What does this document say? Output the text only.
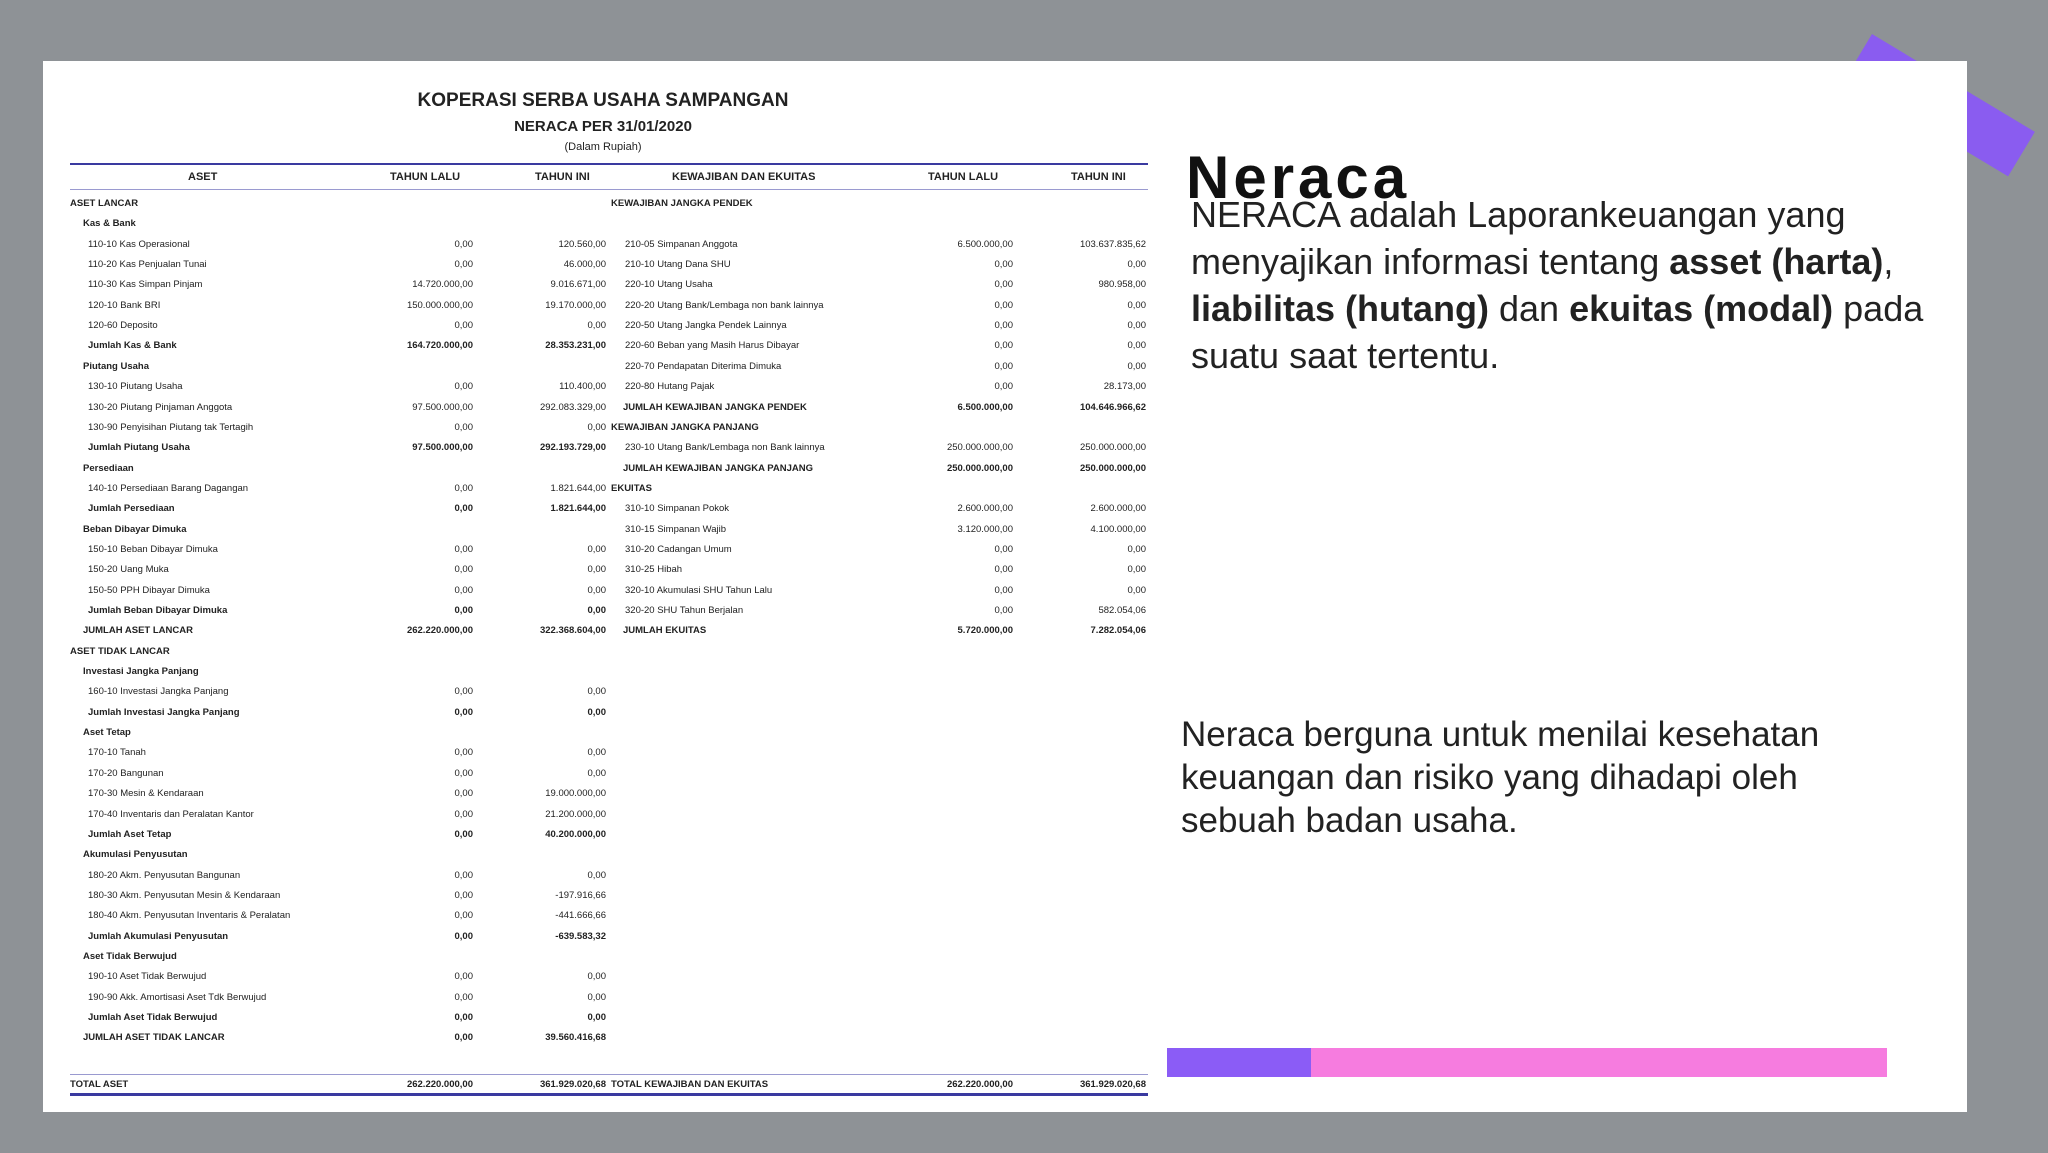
KOPERASI SERBA USAHA SAMPANGAN
NERACA PER 31/01/2020
(Dalam Rupiah)
ASET	TAHUN LALU	TAHUN INI	KEWAJIBAN DAN EKUITAS	TAHUN LALU	TAHUN INI
ASET LANCAR
Kas & Bank
110-10 Kas Operasional	0,00	120.560,00
110-20 Kas Penjualan Tunai	0,00	46.000,00
110-30 Kas Simpan Pinjam	14.720.000,00	9.016.671,00
120-10 Bank BRI	150.000.000,00	19.170.000,00
120-60 Deposito	0,00	0,00
Jumlah Kas & Bank	164.720.000,00	28.353.231,00
Piutang Usaha
130-10 Piutang Usaha	0,00	110.400,00
130-20 Piutang Pinjaman Anggota	97.500.000,00	292.083.329,00
130-90 Penyisihan Piutang tak Tertagih	0,00	0,00
Jumlah Piutang Usaha	97.500.000,00	292.193.729,00
Persediaan
140-10 Persediaan Barang Dagangan	0,00	1.821.644,00
Jumlah Persediaan	0,00	1.821.644,00
Beban Dibayar Dimuka
150-10 Beban Dibayar Dimuka	0,00	0,00
150-20 Uang Muka	0,00	0,00
150-50 PPH Dibayar Dimuka	0,00	0,00
Jumlah Beban Dibayar Dimuka	0,00	0,00
JUMLAH ASET LANCAR	262.220.000,00	322.368.604,00
ASET TIDAK LANCAR
Investasi Jangka Panjang
160-10 Investasi Jangka Panjang	0,00	0,00
Jumlah Investasi Jangka Panjang	0,00	0,00
Aset Tetap
170-10 Tanah	0,00	0,00
170-20 Bangunan	0,00	0,00
170-30 Mesin & Kendaraan	0,00	19.000.000,00
170-40 Inventaris dan Peralatan Kantor	0,00	21.200.000,00
Jumlah Aset Tetap	0,00	40.200.000,00
Akumulasi Penyusutan
180-20 Akm. Penyusutan Bangunan	0,00	0,00
180-30 Akm. Penyusutan Mesin & Kendaraan	0,00	-197.916,66
180-40 Akm. Penyusutan Inventaris & Peralatan	0,00	-441.666,66
Jumlah Akumulasi Penyusutan	0,00	-639.583,32
Aset Tidak Berwujud
190-10 Aset Tidak Berwujud	0,00	0,00
190-90 Akk. Amortisasi Aset Tdk Berwujud	0,00	0,00
Jumlah Aset Tidak Berwujud	0,00	0,00
JUMLAH ASET TIDAK LANCAR	0,00	39.560.416,68
KEWAJIBAN JANGKA PENDEK
210-05 Simpanan Anggota	6.500.000,00	103.637.835,62
210-10 Utang Dana SHU	0,00	0,00
220-10 Utang Usaha	0,00	980.958,00
220-20 Utang Bank/Lembaga non bank lainnya	0,00	0,00
220-50 Utang Jangka Pendek Lainnya	0,00	0,00
220-60 Beban yang Masih Harus Dibayar	0,00	0,00
220-70 Pendapatan Diterima Dimuka	0,00	0,00
220-80 Hutang Pajak	0,00	28.173,00
JUMLAH KEWAJIBAN JANGKA PENDEK	6.500.000,00	104.646.966,62
KEWAJIBAN JANGKA PANJANG
230-10 Utang Bank/Lembaga non Bank lainnya	250.000.000,00	250.000.000,00
JUMLAH KEWAJIBAN JANGKA PANJANG	250.000.000,00	250.000.000,00
EKUITAS
310-10 Simpanan Pokok	2.600.000,00	2.600.000,00
310-15 Simpanan Wajib	3.120.000,00	4.100.000,00
310-20 Cadangan Umum	0,00	0,00
310-25 Hibah	0,00	0,00
320-10 Akumulasi SHU Tahun Lalu	0,00	0,00
320-20 SHU Tahun Berjalan	0,00	582.054,06
JUMLAH EKUITAS	5.720.000,00	7.282.054,06
TOTAL ASET	262.220.000,00	361.929.020,68 TOTAL KEWAJIBAN DAN EKUITAS	262.220.000,00	361.929.020,68
Neraca
NERACA adalah Laporankeuangan yang menyajikan informasi tentang asset (harta), liabilitas (hutang) dan ekuitas (modal) pada suatu saat tertentu.
Neraca berguna untuk menilai kesehatan keuangan dan risiko yang dihadapi oleh sebuah badan usaha.
